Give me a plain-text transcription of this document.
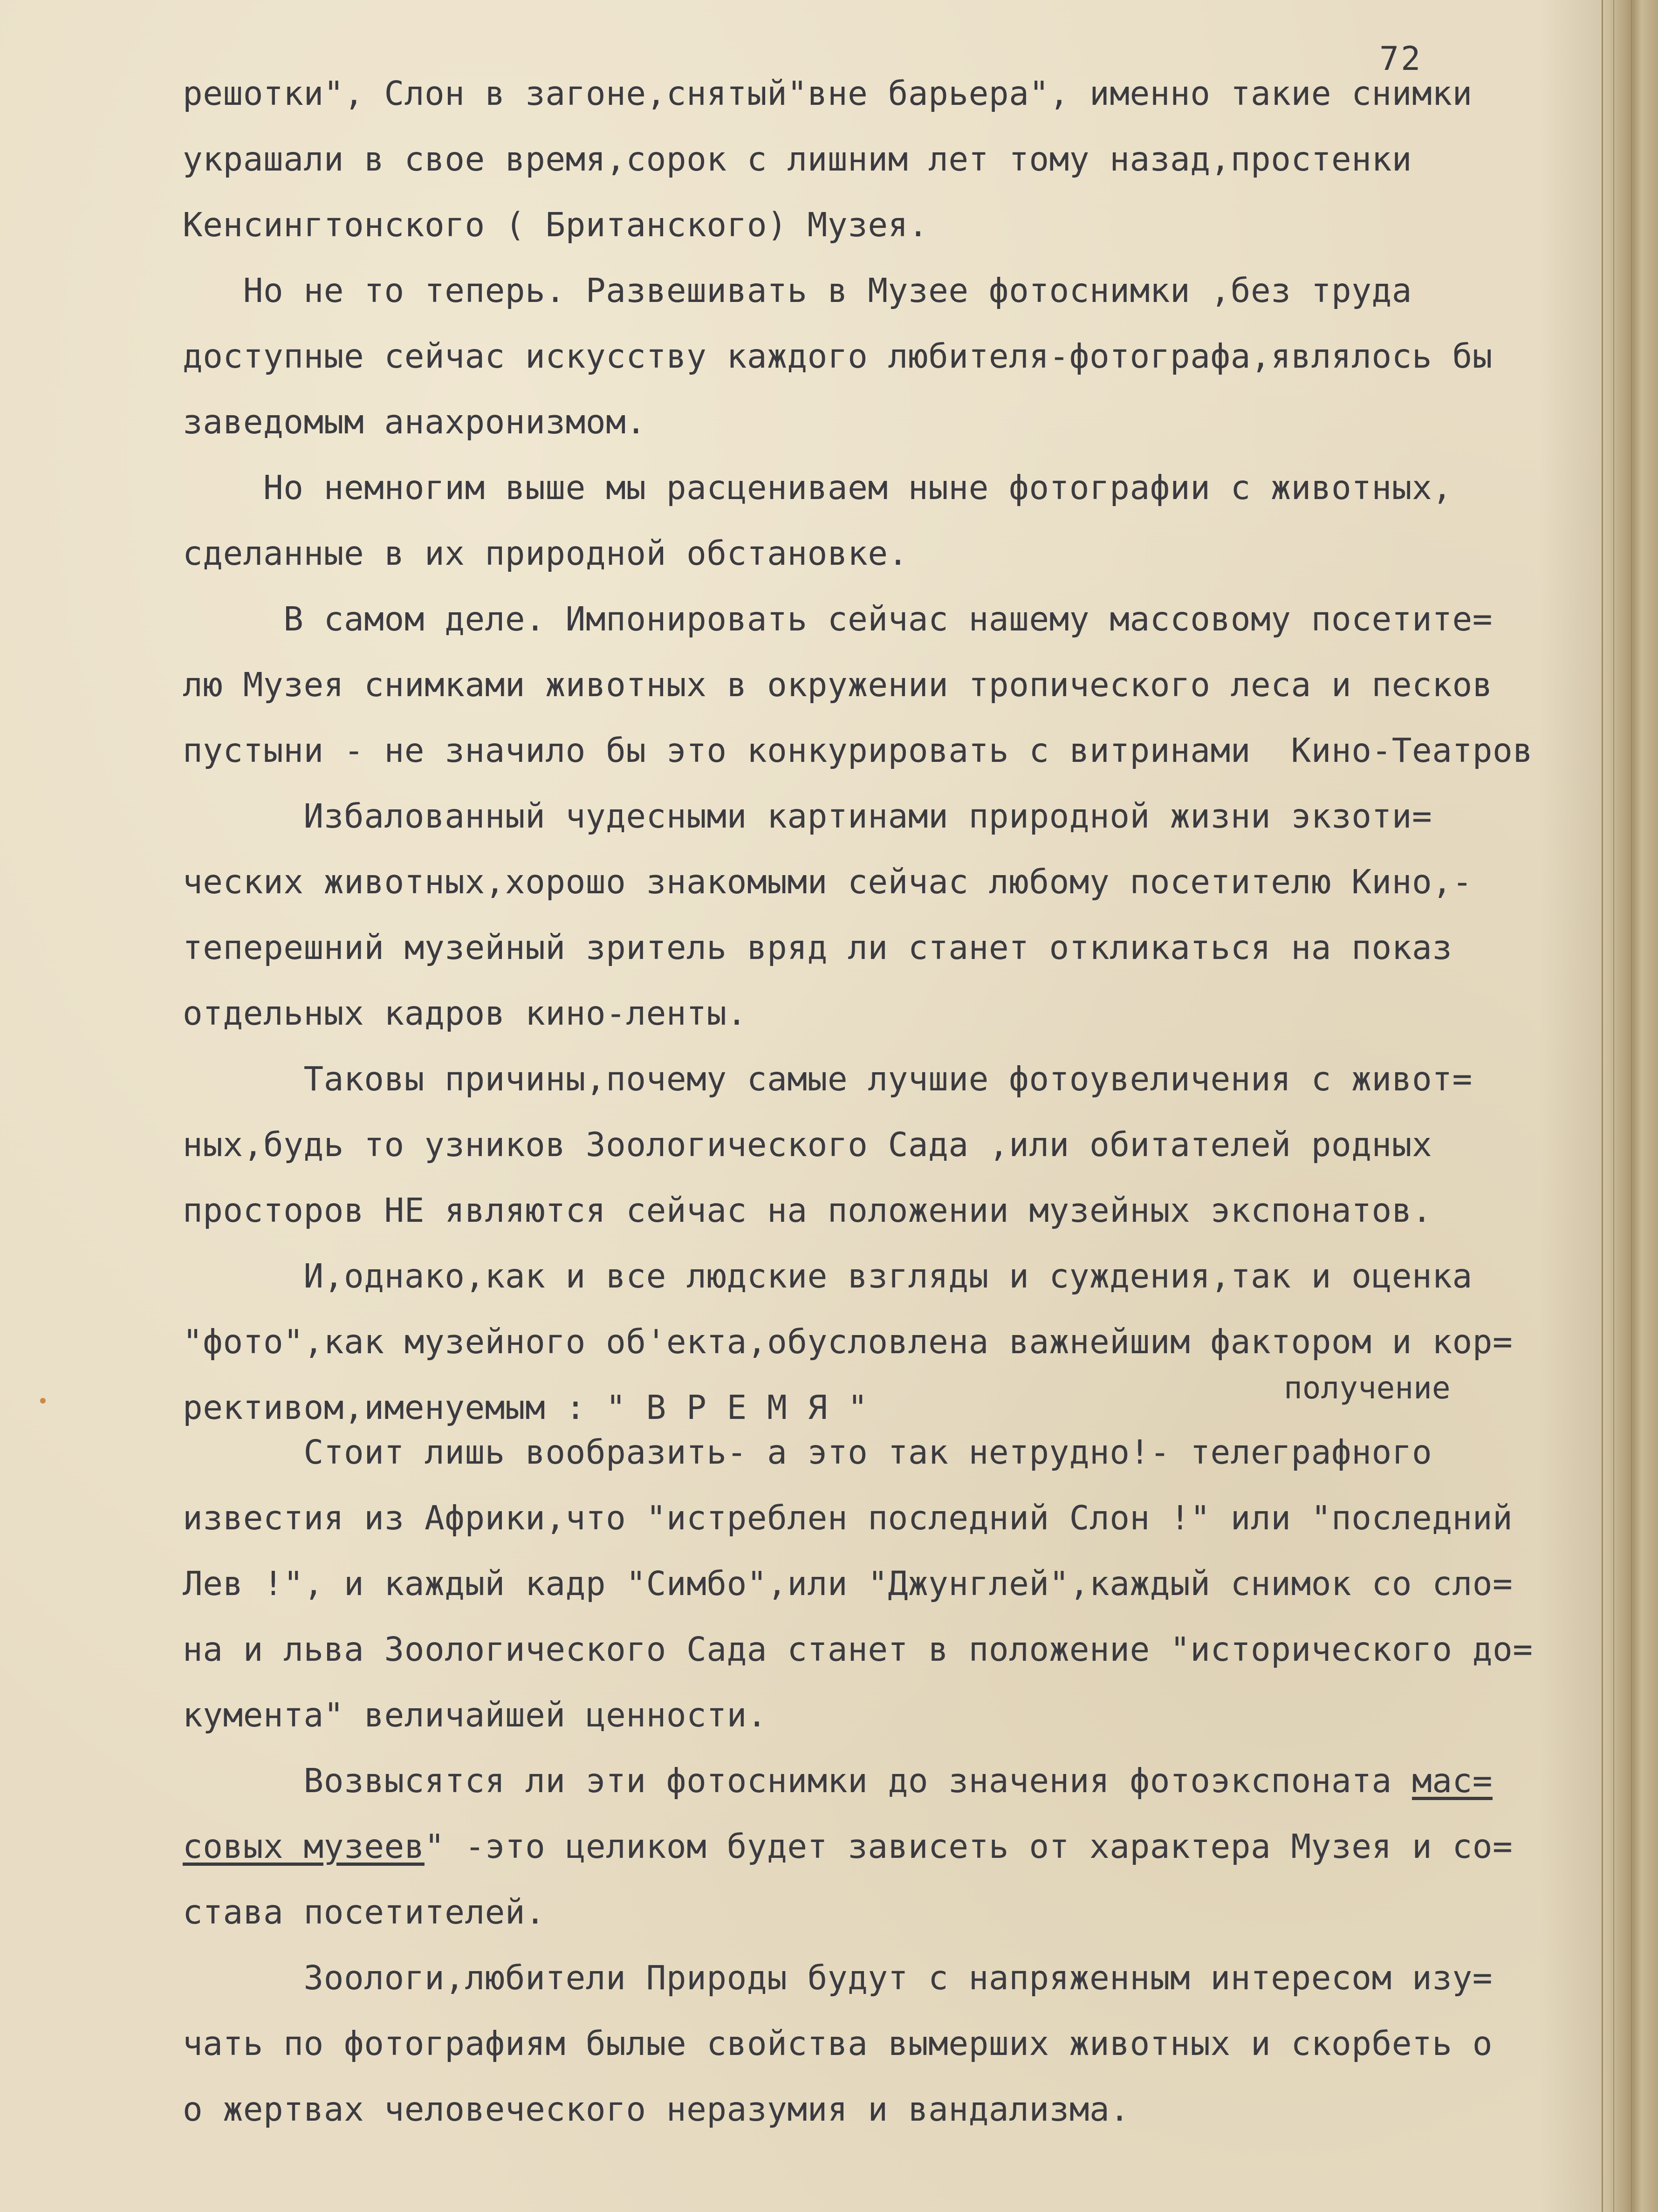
72
решотки", Слон в загоне,снятый"вне барьера", именно такие снимки
украшали в свое время,сорок с лишним лет тому назад,простенки
Кенсингтонского ( Британского) Музея.
Но не то теперь. Развешивать в Музее фотоснимки ,без труда
доступные сейчас искусству каждого любителя-фотографа,являлось бы
заведомым анахронизмом.
Но немногим выше мы расцениваем ныне фотографии с животных,
сделанные в их природной обстановке.
В самом деле. Импонировать сейчас нашему массовому посетите=
лю Музея снимками животных в окружении тропического леса и песков
пустыни - не значило бы это конкурировать с витринами  Кино-Театров
Избалованный чудесными картинами природной жизни экзоти=
ческих животных,хорошо знакомыми сейчас любому посетителю Кино,-
теперешний музейный зритель вряд ли станет откликаться на показ
отдельных кадров кино-ленты.
Таковы причины,почему самые лучшие фотоувеличения с живот=
ных,будь то узников Зоологического Сада ,или обитателей родных
просторов НЕ являются сейчас на положении музейных экспонатов.
И,однако,как и все людские взгляды и суждения,так и оценка
"фото",как музейного об'екта,обусловлена важнейшим фактором и кор=
рективом,именуемым : " В Р Е М Я "
получение
Стоит лишь вообразить- а это так нетрудно!- телеграфного
известия из Африки,что "истреблен последний Слон !" или "последний
Лев !", и каждый кадр "Симбо",или "Джунглей",каждый снимок со сло=
на и льва Зоологического Сада станет в положение "исторического до=
кумента" величайшей ценности.
Возвысятся ли эти фотоснимки до значения фотоэкспоната мас=
совых музеев" -это целиком будет зависеть от характера Музея и со=
става посетителей.
Зоологи,любители Природы будут с напряженным интересом изу=
чать по фотографиям былые свойства вымерших животных и скорбеть о
о жертвах человеческого неразумия и вандализма.
